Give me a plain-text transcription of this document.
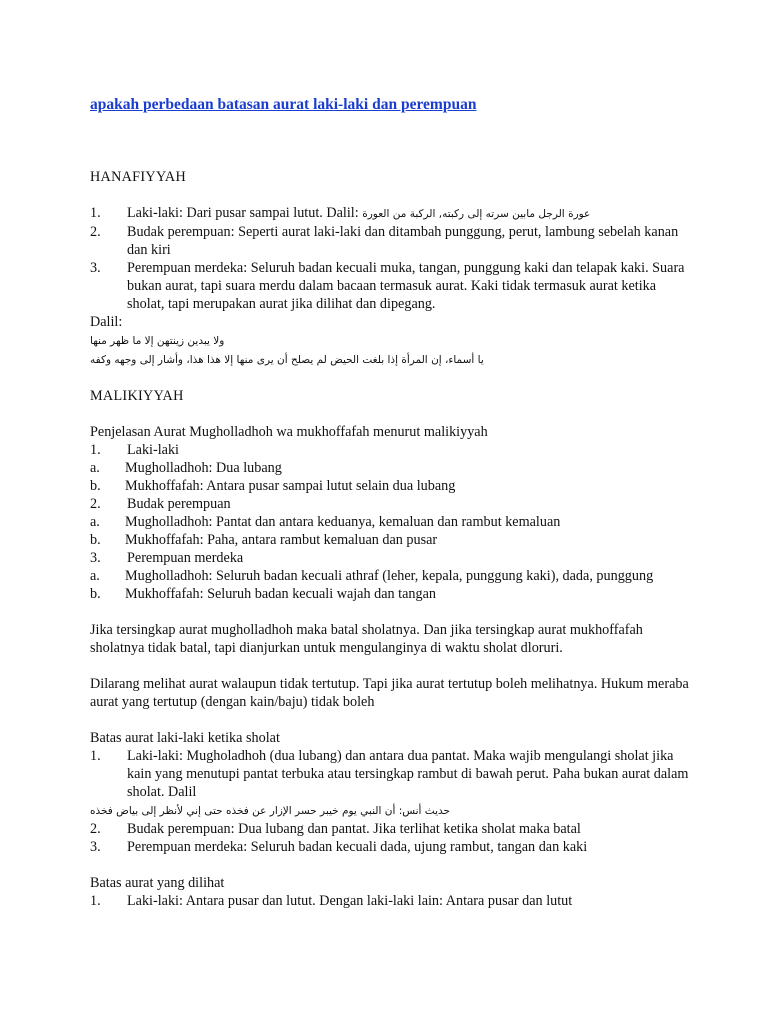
apakah perbedaan batasan aurat laki-laki dan perempuan

HANAFIYYAH

1. Laki-laki: Dari pusar sampai lutut. Dalil: عورة الرجل مابين سرته إلى ركبته, الركبة من العورة

2. Budak perempuan: Seperti aurat laki-laki dan ditambah punggung, perut, lambung sebelah kanan dan kiri

3. Perempuan merdeka: Seluruh badan kecuali muka, tangan, punggung kaki dan telapak kaki. Suara bukan aurat, tapi suara merdu dalam bacaan termasuk aurat. Kaki tidak termasuk aurat ketika sholat, tapi merupakan aurat jika dilihat dan dipegang.

Dalil:

ولا يبدين زينتهن إلا ما ظهر منها

يا أسماء، إن المرأة إذا بلغت الحيض لم يصلح أن يرى منها إلا هذا هذا، وأشار إلى وجهه وكفه

MALIKIYYAH

Penjelasan Aurat Mugholladhoh wa mukhoffafah menurut malikiyyah

1. Laki-laki

a. Mugholladhoh: Dua lubang

b. Mukhoffafah: Antara pusar sampai lutut selain dua lubang

2. Budak perempuan

a. Mugholladhoh: Pantat dan antara keduanya, kemaluan dan rambut kemaluan

b. Mukhoffafah: Paha, antara rambut kemaluan dan pusar

3. Perempuan merdeka

a. Mugholladhoh: Seluruh badan kecuali athraf (leher, kepala, punggung kaki), dada, punggung

b. Mukhoffafah: Seluruh badan kecuali wajah dan tangan

Jika tersingkap aurat mugholladhoh maka batal sholatnya. Dan jika tersingkap aurat mukhoffafah sholatnya tidak batal, tapi dianjurkan untuk mengulanginya di waktu sholat dloruri.

Dilarang melihat aurat walaupun tidak tertutup. Tapi jika aurat tertutup boleh melihatnya. Hukum meraba aurat yang tertutup (dengan kain/baju) tidak boleh

Batas aurat laki-laki ketika sholat

1. Laki-laki: Mugholadhoh (dua lubang) dan antara dua pantat. Maka wajib mengulangi sholat jika kain yang menutupi pantat terbuka atau tersingkap rambut di bawah perut. Paha bukan aurat dalam sholat. Dalil

حديث أنس: أن النبي يوم خيبر حسر الإزار عن فخذه حتى إني لأنظر إلى بياض فخذه

2. Budak perempuan: Dua lubang dan pantat. Jika terlihat ketika sholat maka batal

3. Perempuan merdeka: Seluruh badan kecuali dada, ujung rambut, tangan dan kaki

Batas aurat yang dilihat

1. Laki-laki: Antara pusar dan lutut. Dengan laki-laki lain: Antara pusar dan lutut
